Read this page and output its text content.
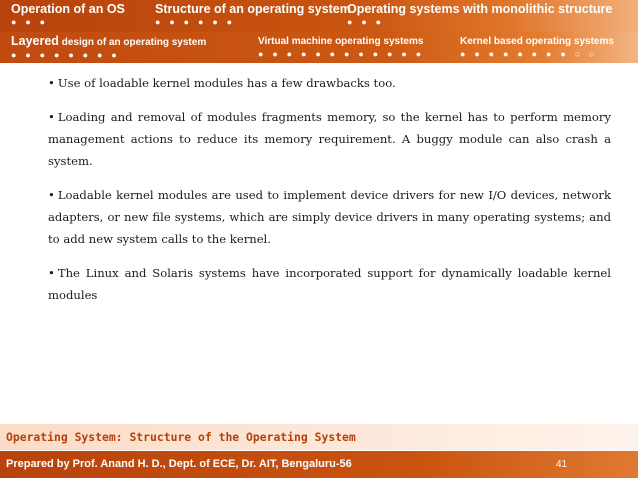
Operation of an OS
● ● ●
Structure of an operating system
● ● ● ● ● ●
Operating systems with monolithic structure
● ● ●
Layered design of an operating system
● ● ● ● ● ● ● ●
Virtual machine operating systems
● ● ● ● ● ● ● ● ● ● ● ●
Kernel based operating systems
● ● ● ● ● ● ● ● ○ ○

• Use of loadable kernel modules has a few drawbacks too.

• Loading and removal of modules fragments memory, so the kernel has to perform memory management actions to reduce its memory requirement. A buggy module can also crash a system.

• Loadable kernel modules are used to implement device drivers for new I/O devices, network adapters, or new file systems, which are simply device drivers in many operating systems; and to add new system calls to the kernel.

• The Linux and Solaris systems have incorporated support for dynamically loadable kernel modules

Operating System: Structure of the Operating System
Prepared by Prof. Anand H. D., Dept. of ECE, Dr. AIT, Bengaluru-56	41
